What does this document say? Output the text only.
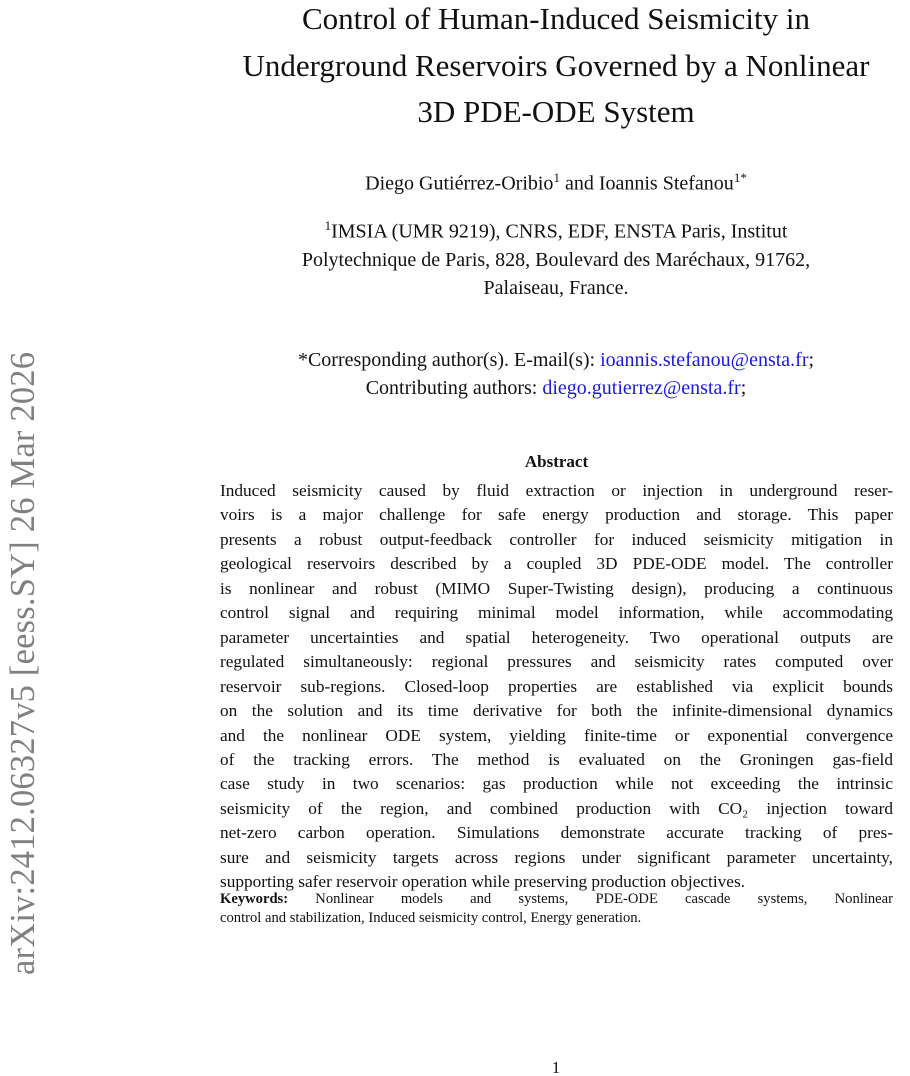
arXiv:2412.06327v5 [eess.SY] 26 Mar 2026
Control of Human-Induced Seismicity in
Underground Reservoirs Governed by a Nonlinear
3D PDE-ODE System
Diego Gutiérrez-Oribio$^1$ and Ioannis Stefanou$^{1*}$
$^1$IMSIA (UMR 9219), CNRS, EDF, ENSTA Paris, Institut
Polytechnique de Paris, 828, Boulevard des Maréchaux, 91762,
Palaiseau, France.
*Corresponding author(s). E-mail(s): ioannis.stefanou@ensta.fr;
Contributing authors: diego.gutierrez@ensta.fr;
Abstract
Induced seismicity caused by fluid extraction or injection in underground reser-
voirs is a major challenge for safe energy production and storage. This paper
presents a robust output-feedback controller for induced seismicity mitigation in
geological reservoirs described by a coupled 3D PDE-ODE model. The controller
is nonlinear and robust (MIMO Super-Twisting design), producing a continuous
control signal and requiring minimal model information, while accommodating
parameter uncertainties and spatial heterogeneity. Two operational outputs are
regulated simultaneously: regional pressures and seismicity rates computed over
reservoir sub-regions. Closed-loop properties are established via explicit bounds
on the solution and its time derivative for both the infinite-dimensional dynamics
and the nonlinear ODE system, yielding finite-time or exponential convergence
of the tracking errors. The method is evaluated on the Groningen gas-field
case study in two scenarios: gas production while not exceeding the intrinsic
seismicity of the region, and combined production with CO₂ injection toward
net-zero carbon operation. Simulations demonstrate accurate tracking of pres-
sure and seismicity targets across regions under significant parameter uncertainty,
supporting safer reservoir operation while preserving production objectives.
Keywords: Nonlinear models and systems, PDE-ODE cascade systems, Nonlinear
control and stabilization, Induced seismicity control, Energy generation.
1
